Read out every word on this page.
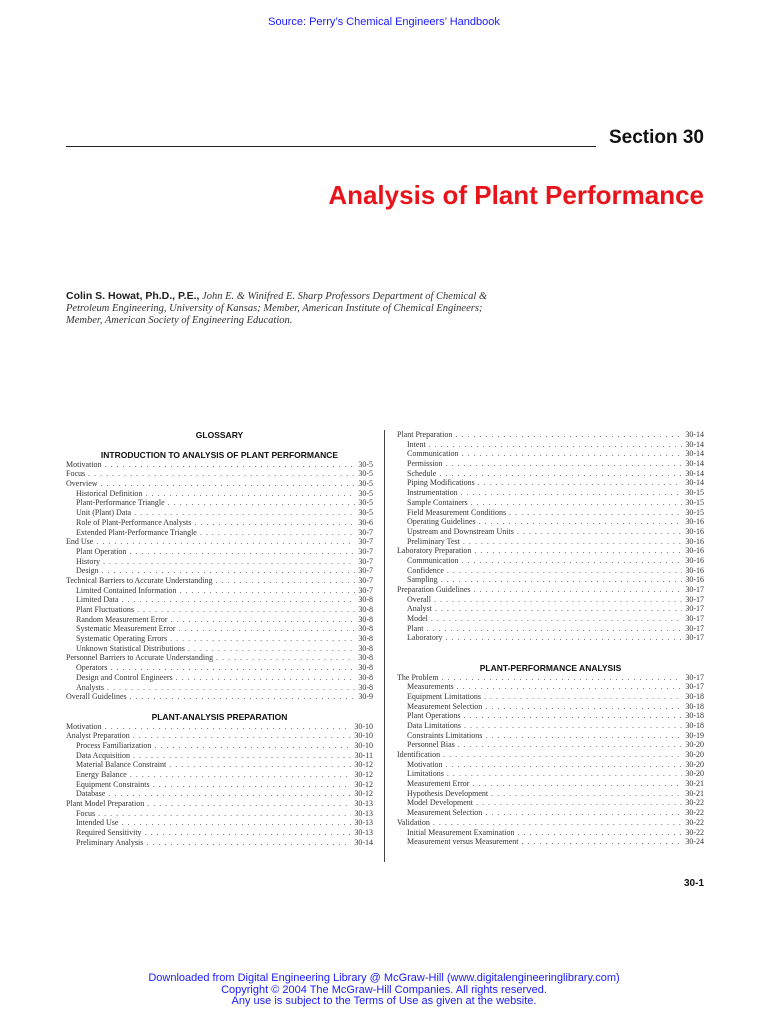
Source: Perry’s Chemical Engineers’ Handbook
Section 30
Analysis of Plant Performance
Colin S. Howat, Ph.D., P.E., John E. & Winifred E. Sharp Professors Department of Chemical & Petroleum Engineering, University of Kansas; Member, American Institute of Chemical Engineers; Member, American Society of Engineering Education.
GLOSSARY
INTRODUCTION TO ANALYSIS OF PLANT PERFORMANCE
Motivation . . .	30-5
Focus . . .	30-5
Overview . . .	30-5
Historical Definition . . .	30-5
Plant-Performance Triangle . . .	30-5
Unit (Plant) Data . . .	30-5
Role of Plant-Performance Analysts . . .	30-6
Extended Plant-Performance Triangle . . .	30-7
End Use . . .	30-7
Plant Operation . . .	30-7
History . . .	30-7
Design . . .	30-7
Technical Barriers to Accurate Understanding . . .	30-7
Limited Contained Information . . .	30-7
Limited Data . . .	30-8
Plant Fluctuations . . .	30-8
Random Measurement Error . . .	30-8
Systematic Measurement Error . . .	30-8
Systematic Operating Errors . . .	30-8
Unknown Statistical Distributions . . .	30-8
Personnel Barriers to Accurate Understanding . . .	30-8
Operators . . .	30-8
Design and Control Engineers . . .	30-8
Analysts . . .	30-8
Overall Guidelines . . .	30-9
PLANT-ANALYSIS PREPARATION
Motivation . . .	30-10
Analyst Preparation . . .	30-10
Process Familiarization . . .	30-10
Data Acquisition . . .	30-11
Material Balance Constraint . . .	30-12
Energy Balance . . .	30-12
Equipment Constraints . . .	30-12
Database . . .	30-12
Plant Model Preparation . . .	30-13
Focus . . .	30-13
Intended Use . . .	30-13
Required Sensitivity . . .	30-13
Preliminary Analysis . . .	30-14
Plant Preparation . . .	30-14
Intent . . .	30-14
Communication . . .	30-14
Permission . . .	30-14
Schedule . . .	30-14
Piping Modifications . . .	30-14
Instrumentation . . .	30-15
Sample Containers . . .	30-15
Field Measurement Conditions . . .	30-15
Operating Guidelines . . .	30-16
Upstream and Downstream Units . . .	30-16
Preliminary Test . . .	30-16
Laboratory Preparation . . .	30-16
Communication . . .	30-16
Confidence . . .	30-16
Sampling . . .	30-16
Preparation Guidelines . . .	30-17
Overall . . .	30-17
Analyst . . .	30-17
Model . . .	30-17
Plant . . .	30-17
Laboratory . . .	30-17
PLANT-PERFORMANCE ANALYSIS
The Problem . . .	30-17
Measurements . . .	30-17
Equipment Limitations . . .	30-18
Measurement Selection . . .	30-18
Plant Operations . . .	30-18
Data Limitations . . .	30-18
Constraints Limitations . . .	30-19
Personnel Bias . . .	30-20
Identification . . .	30-20
Motivation . . .	30-20
Limitations . . .	30-20
Measurement Error . . .	30-21
Hypothesis Development . . .	30-21
Model Development . . .	30-22
Measurement Selection . . .	30-22
Validation . . .	30-22
Initial Measurement Examination . . .	30-22
Measurement versus Measurement . . .	30-24
30-1
Downloaded from Digital Engineering Library @ McGraw-Hill (www.digitalengineeringlibrary.com)
Copyright © 2004 The McGraw-Hill Companies. All rights reserved.
Any use is subject to the Terms of Use as given at the website.
